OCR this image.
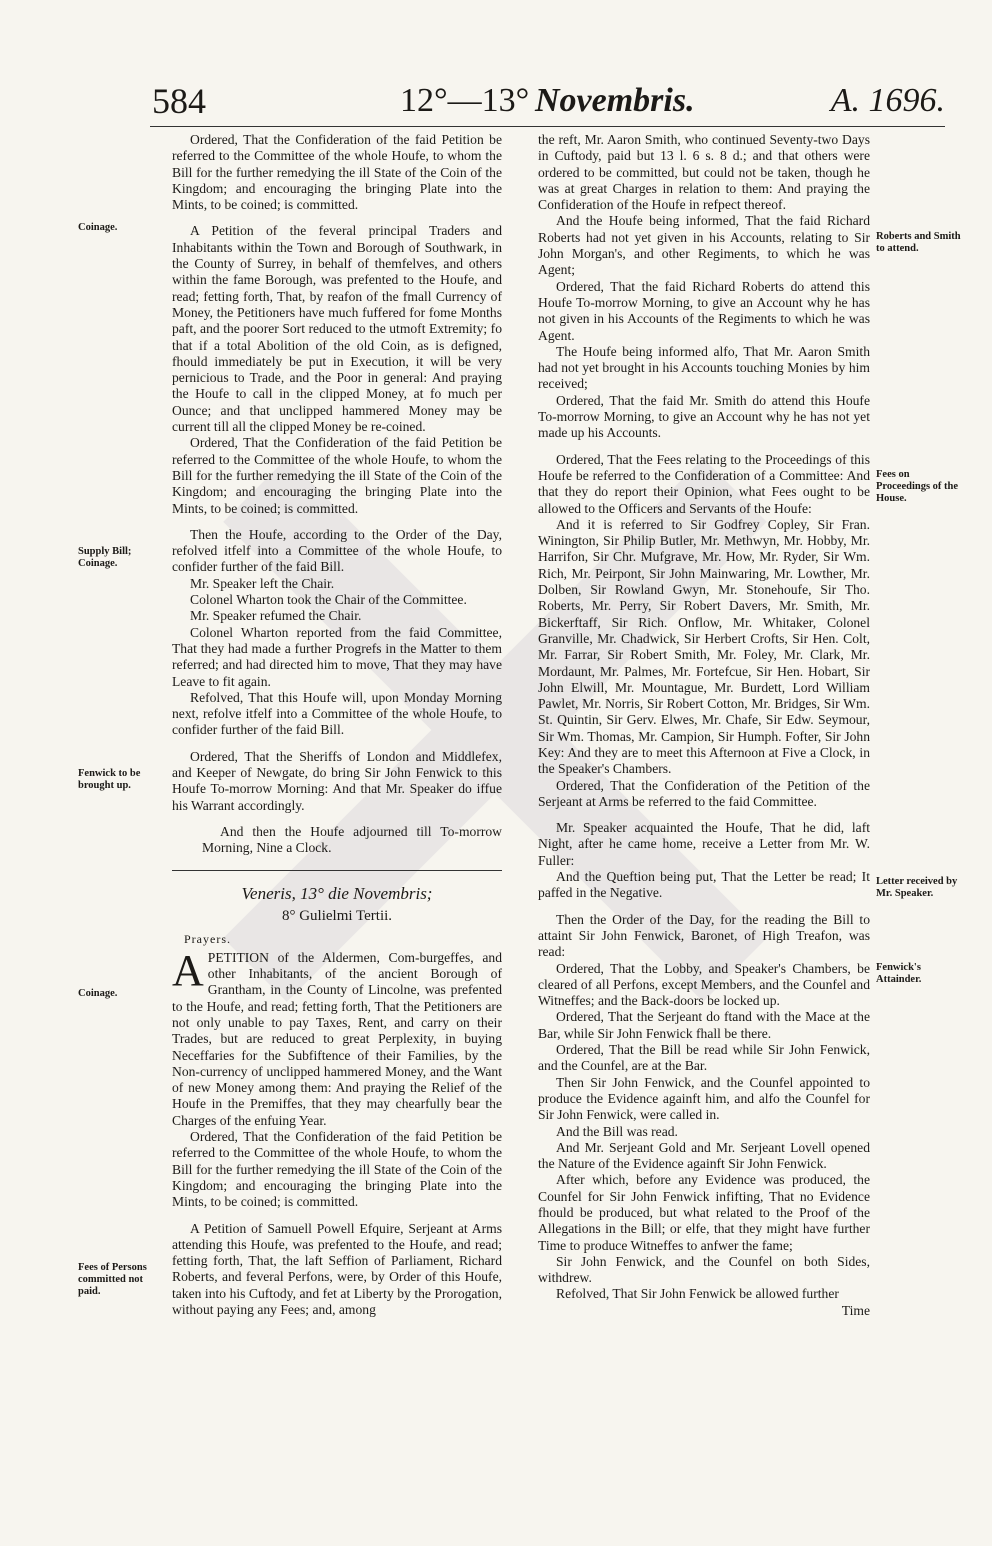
584	12°—13° Novembris.	A. 1696.
Coinage.
Supply Bill; Coinage.
Fenwick to be brought up.
Coinage.
Fees of Persons committed not paid.
Roberts and Smith to attend.
Fees on Proceedings of the House.
Letter received by Mr. Speaker.
Fenwick's Attainder.

Ordered, That the Confideration of the faid Petition be referred to the Committee of the whole Houfe, to whom the Bill for the further remedying the ill State of the Coin of the Kingdom; and encouraging the bringing Plate into the Mints, to be coined; is committed.

A Petition of the feveral principal Traders and Inhabitants within the Town and Borough of Southwark, in the County of Surrey, in behalf of themfelves, and others within the fame Borough, was prefented to the Houfe, and read; fetting forth, That, by reafon of the fmall Currency of Money, the Petitioners have much fuffered for fome Months paft, and the poorer Sort reduced to the utmoft Extremity; fo that if a total Abolition of the old Coin, as is defigned, fhould immediately be put in Execution, it will be very pernicious to Trade, and the Poor in general: And praying the Houfe to call in the clipped Money, at fo much per Ounce; and that unclipped hammered Money may be current till all the clipped Money be re-coined.

Ordered, That the Confideration of the faid Petition be referred to the Committee of the whole Houfe, to whom the Bill for the further remedying the ill State of the Coin of the Kingdom; and encouraging the bringing Plate into the Mints, to be coined; is committed.

Then the Houfe, according to the Order of the Day, refolved itfelf into a Committee of the whole Houfe, to confider further of the faid Bill.

Mr. Speaker left the Chair.

Colonel Wharton took the Chair of the Committee.

Mr. Speaker refumed the Chair.

Colonel Wharton reported from the faid Committee, That they had made a further Progrefs in the Matter to them referred; and had directed him to move, That they may have Leave to fit again.

Refolved, That this Houfe will, upon Monday Morning next, refolve itfelf into a Committee of the whole Houfe, to confider further of the faid Bill.

Ordered, That the Sheriffs of London and Middlefex, and Keeper of Newgate, do bring Sir John Fenwick to this Houfe To-morrow Morning: And that Mr. Speaker do iffue his Warrant accordingly.

And then the Houfe adjourned till To-morrow Morning, Nine a Clock.

Veneris, 13° die Novembris;
8° Gulielmi Tertii.
Prayers.

APETITION of the Aldermen, Com-burgeffes, and other Inhabitants, of the ancient Borough of Grantham, in the County of Lincolne, was prefented to the Houfe, and read; fetting forth, That the Petitioners are not only unable to pay Taxes, Rent, and carry on their Trades, but are reduced to great Perplexity, in buying Neceffaries for the Subfiftence of their Families, by the Non-currency of unclipped hammered Money, and the Want of new Money among them: And praying the Relief of the Houfe in the Premiffes, that they may chearfully bear the Charges of the enfuing Year.

Ordered, That the Confideration of the faid Petition be referred to the Committee of the whole Houfe, to whom the Bill for the further remedying the ill State of the Coin of the Kingdom; and encouraging the bringing Plate into the Mints, to be coined; is committed.

A Petition of Samuell Powell Efquire, Serjeant at Arms attending this Houfe, was prefented to the Houfe, and read; fetting forth, That, the laft Seffion of Parliament, Richard Roberts, and feveral Perfons, were, by Order of this Houfe, taken into his Cuftody, and fet at Liberty by the Prorogation, without paying any Fees; and, among

the reft, Mr. Aaron Smith, who continued Seventy-two Days in Cuftody, paid but 13 l. 6 s. 8 d.; and that others were ordered to be committed, but could not be taken, though he was at great Charges in relation to them: And praying the Confideration of the Houfe in refpect thereof.

And the Houfe being informed, That the faid Richard Roberts had not yet given in his Accounts, relating to Sir John Morgan's, and other Regiments, to which he was Agent;

Ordered, That the faid Richard Roberts do attend this Houfe To-morrow Morning, to give an Account why he has not given in his Accounts of the Regiments to which he was Agent.

The Houfe being informed alfo, That Mr. Aaron Smith had not yet brought in his Accounts touching Monies by him received;

Ordered, That the faid Mr. Smith do attend this Houfe To-morrow Morning, to give an Account why he has not yet made up his Accounts.

Ordered, That the Fees relating to the Proceedings of this Houfe be referred to the Confideration of a Committee: And that they do report their Opinion, what Fees ought to be allowed to the Officers and Servants of the Houfe:

And it is referred to Sir Godfrey Copley, Sir Fran. Winington, Sir Philip Butler, Mr. Methwyn, Mr. Hobby, Mr. Harrifon, Sir Chr. Mufgrave, Mr. How, Mr. Ryder, Sir Wm. Rich, Mr. Peirpont, Sir John Mainwaring, Mr. Lowther, Mr. Dolben, Sir Rowland Gwyn, Mr. Stonehoufe, Sir Tho. Roberts, Mr. Perry, Sir Robert Davers, Mr. Smith, Mr. Bickerftaff, Sir Rich. Onflow, Mr. Whitaker, Colonel Granville, Mr. Chadwick, Sir Herbert Crofts, Sir Hen. Colt, Mr. Farrar, Sir Robert Smith, Mr. Foley, Mr. Clark, Mr. Mordaunt, Mr. Palmes, Mr. Fortefcue, Sir Hen. Hobart, Sir John Elwill, Mr. Mountague, Mr. Burdett, Lord William Pawlet, Mr. Norris, Sir Robert Cotton, Mr. Bridges, Sir Wm. St. Quintin, Sir Gerv. Elwes, Mr. Chafe, Sir Edw. Seymour, Sir Wm. Thomas, Mr. Campion, Sir Humph. Fofter, Sir John Key: And they are to meet this Afternoon at Five a Clock, in the Speaker's Chambers.

Ordered, That the Confideration of the Petition of the Serjeant at Arms be referred to the faid Committee.

Mr. Speaker acquainted the Houfe, That he did, laft Night, after he came home, receive a Letter from Mr. W. Fuller:

And the Queftion being put, That the Letter be read; It paffed in the Negative.

Then the Order of the Day, for the reading the Bill to attaint Sir John Fenwick, Baronet, of High Treafon, was read:

Ordered, That the Lobby, and Speaker's Chambers, be cleared of all Perfons, except Members, and the Counfel and Witneffes; and the Back-doors be locked up.

Ordered, That the Serjeant do ftand with the Mace at the Bar, while Sir John Fenwick fhall be there.

Ordered, That the Bill be read while Sir John Fenwick, and the Counfel, are at the Bar.

Then Sir John Fenwick, and the Counfel appointed to produce the Evidence againft him, and alfo the Counfel for Sir John Fenwick, were called in.

And the Bill was read.

And Mr. Serjeant Gold and Mr. Serjeant Lovell opened the Nature of the Evidence againft Sir John Fenwick.

After which, before any Evidence was produced, the Counfel for Sir John Fenwick infifting, That no Evidence fhould be produced, but what related to the Proof of the Allegations in the Bill; or elfe, that they might have further Time to produce Witneffes to anfwer the fame;

Sir John Fenwick, and the Counfel on both Sides, withdrew.

Refolved, That Sir John Fenwick be allowed further

Time
